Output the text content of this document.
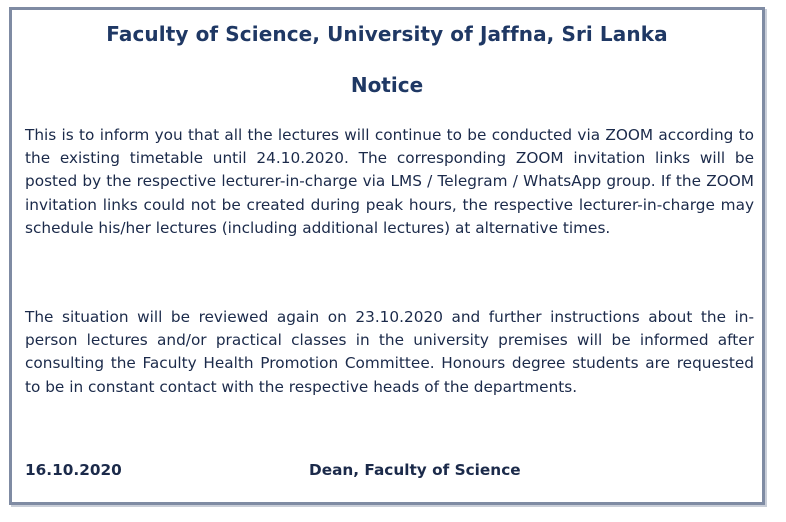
Faculty of Science, University of Jaffna, Sri Lanka
Notice

This is to inform you that all the lectures will continue to be conducted via ZOOM according to the existing timetable until 24.10.2020. The corresponding ZOOM invitation links will be posted by the respective lecturer-in-charge via LMS / Telegram / WhatsApp group. If the ZOOM invitation links could not be created during peak hours, the respective lecturer-in-charge may schedule his/her lectures (including additional lectures) at alternative times.

The situation will be reviewed again on 23.10.2020 and further instructions about the in-person lectures and/or practical classes in the university premises will be informed after consulting the Faculty Health Promotion Committee. Honours degree students are requested to be in constant contact with the respective heads of the departments.

16.10.2020	Dean, Faculty of Science
